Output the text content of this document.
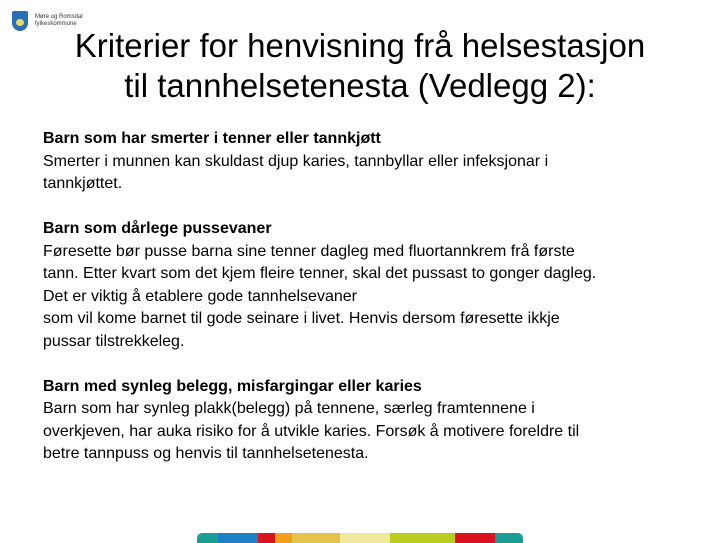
Møre og Romsdal
fylkeskommune
Kriterier for henvisning frå helsestasjon
til tannhelsetenesta (Vedlegg 2):
Barn som har smerter i tenner eller tannkjøtt
Smerter i munnen kan skuldast djup karies, tannbyllar eller infeksjonar i
tannkjøttet.
Barn som dårlege pussevaner
Føresette bør pusse barna sine tenner dagleg med fluortannkrem frå første
tann. Etter kvart som det kjem fleire tenner, skal det pussast to gonger dagleg.
Det er viktig å etablere gode tannhelsevaner
som vil kome barnet til gode seinare i livet. Henvis dersom føresette ikkje
pussar tilstrekkeleg.
Barn med synleg belegg, misfargingar eller karies
Barn som har synleg plakk(belegg) på tennene, særleg framtennene i
overkjeven, har auka risiko for å utvikle karies. Forsøk å motivere foreldre til
betre tannpuss og henvis til tannhelsetenesta.
